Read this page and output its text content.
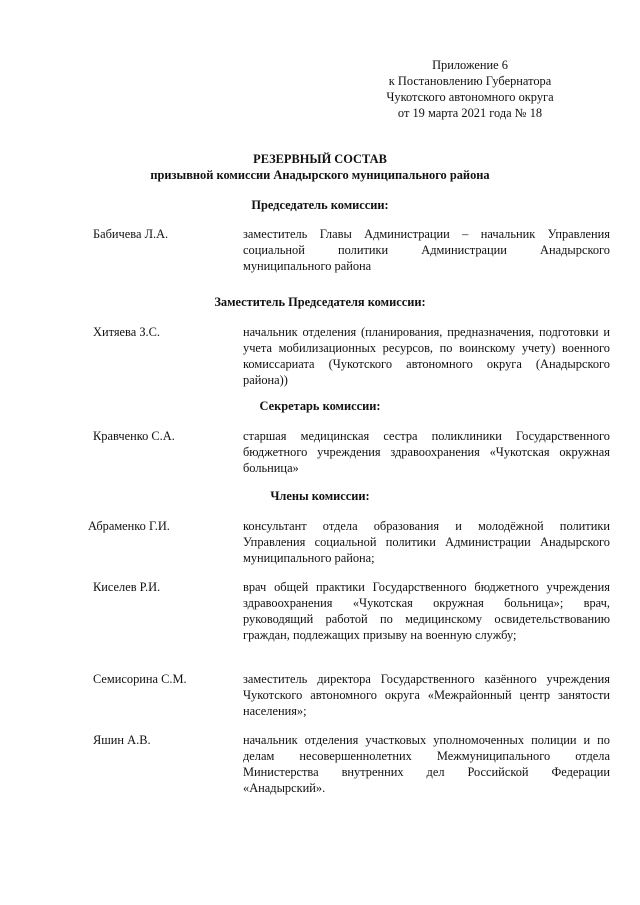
Приложение 6
к Постановлению Губернатора
Чукотского автономного округа
от 19 марта 2021 года № 18
РЕЗЕРВНЫЙ СОСТАВ
призывной комиссии Анадырского муниципального района
Председатель комиссии:
Бабичева Л.А.	заместитель Главы Администрации – начальник Управления социальной политики Администрации Анадырского муниципального района
Заместитель Председателя комиссии:
Хитяева З.С.	начальник отделения (планирования, предназначения, подготовки и учета мобилизационных ресурсов, по воинскому учету) военного комиссариата (Чукотского автономного округа (Анадырского района))
Секретарь комиссии:
Кравченко С.А.	старшая медицинская сестра поликлиники Государственного бюджетного учреждения здравоохранения «Чукотская окружная больница»
Члены комиссии:
Абраменко Г.И.	консультант отдела образования и молодёжной политики Управления социальной политики Администрации Анадырского муниципального района;
Киселев Р.И.	врач общей практики Государственного бюджетного учреждения здравоохранения «Чукотская окружная больница»; врач, руководящий работой по медицинскому освидетельствованию граждан, подлежащих призыву на военную службу;
Семисорина С.М.	заместитель директора Государственного казённого учреждения Чукотского автономного округа «Межрайонный центр занятости населения»;
Яшин А.В.	начальник отделения участковых уполномоченных полиции и по делам несовершеннолетних Межмуниципального отдела Министерства внутренних дел Российской Федерации «Анадырский».
